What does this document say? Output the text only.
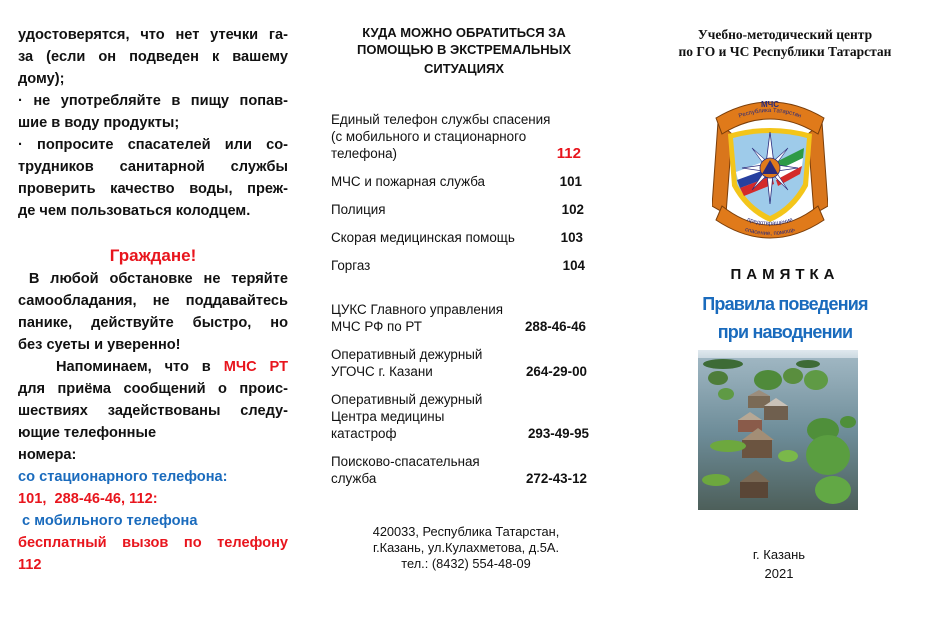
удостоверятся, что нет утечки га-

за (если он подведен к вашему

дому);

· не употребляйте в пищу попав-

шие в воду продукты;

· попросите спасателей или со-

трудников санитарной службы

проверить качество воды, преж-

де чем пользоваться колодцем.

Граждане!

В любой обстановке не теряйте

самообладания, не поддавайтесь

панике, действуйте быстро, но

без суеты и уверенно!

Напоминаем, что в МЧС РТ

для приёма сообщений о проис-

шествиях задействованы следу-

ющие телефонные

номера:

со стационарного телефона:

101,  288-46-46, 112:

с мобильного телефона

бесплатный вызов по телефону

112

КУДА МОЖНО ОБРАТИТЬСЯ ЗА
ПОМОЩЬЮ В ЭКСТРЕМАЛЬНЫХ
СИТУАЦИЯХ
Единый телефон службы спасения
(с мобильного и стационарного
телефона)	112
МЧС и пожарная служба	101
Полиция	102
Скорая медицинская помощь	103
Горгаз	104
ЦУКС Главного управления
МЧС РФ по РТ	288-46-46
Оперативный дежурный
УГОЧС г. Казани	264-29-00
Оперативный дежурный
Центра медицины
катастроф	293-49-95
Поисково-спасательная
служба	272-43-12
420033, Республика Татарстан,
г.Казань, ул.Кулахметова, д.5А.
тел.: (8432) 554-48-09
Учебно-методический центр
по ГО и ЧС Республики Татарстан
МЧС
Республика Татарстан
предотвращение
спасение, помощь
ПАМЯТКА
Правила поведения
при наводнении
г. Казань
2021
